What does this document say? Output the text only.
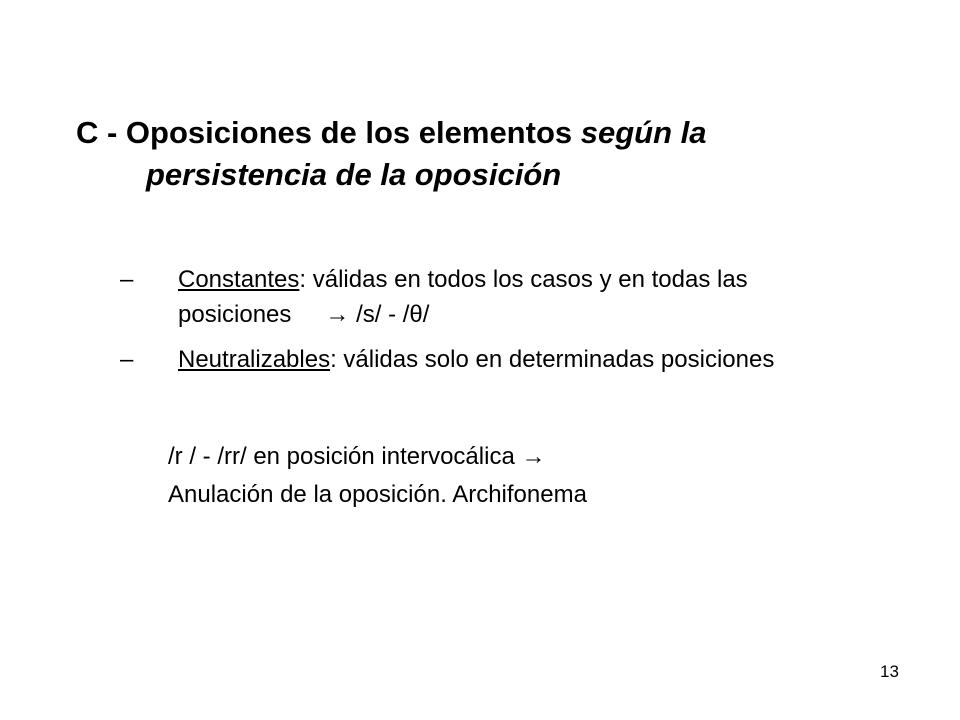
C - Oposiciones de los elementos según la
persistencia de la oposición
–	Constantes: válidas en todos los casos y en todas las posiciones → /s/ - /θ/
–	Neutralizables: válidas solo en determinadas posiciones
/r / - /rr/ en posición intervocálica →
Anulación de la oposición. Archifonema
13
